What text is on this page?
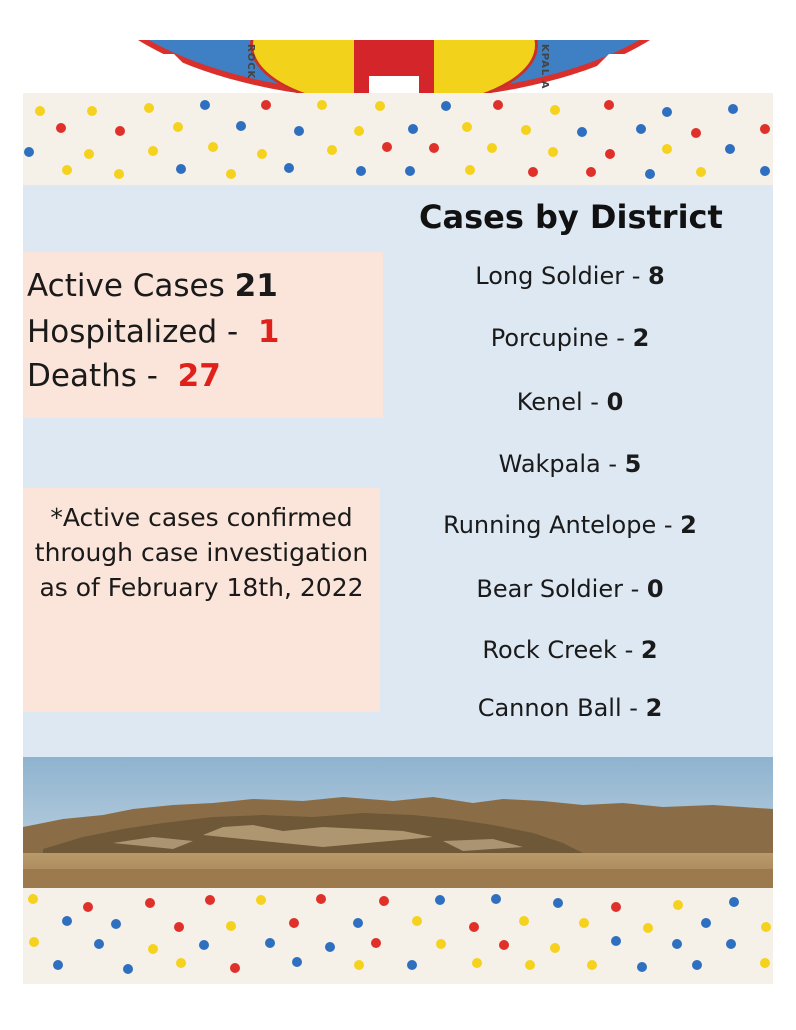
ROCK	KPAL A
Active Cases 21
Hospitalized - 1
Deaths - 27
*Active cases confirmed through case investigation as of February 18th, 2022
Cases by District
Long Soldier - 8
Porcupine - 2
Kenel - 0
Wakpala - 5
Running Antelope - 2
Bear Soldier - 0
Rock Creek - 2
Cannon Ball - 2
